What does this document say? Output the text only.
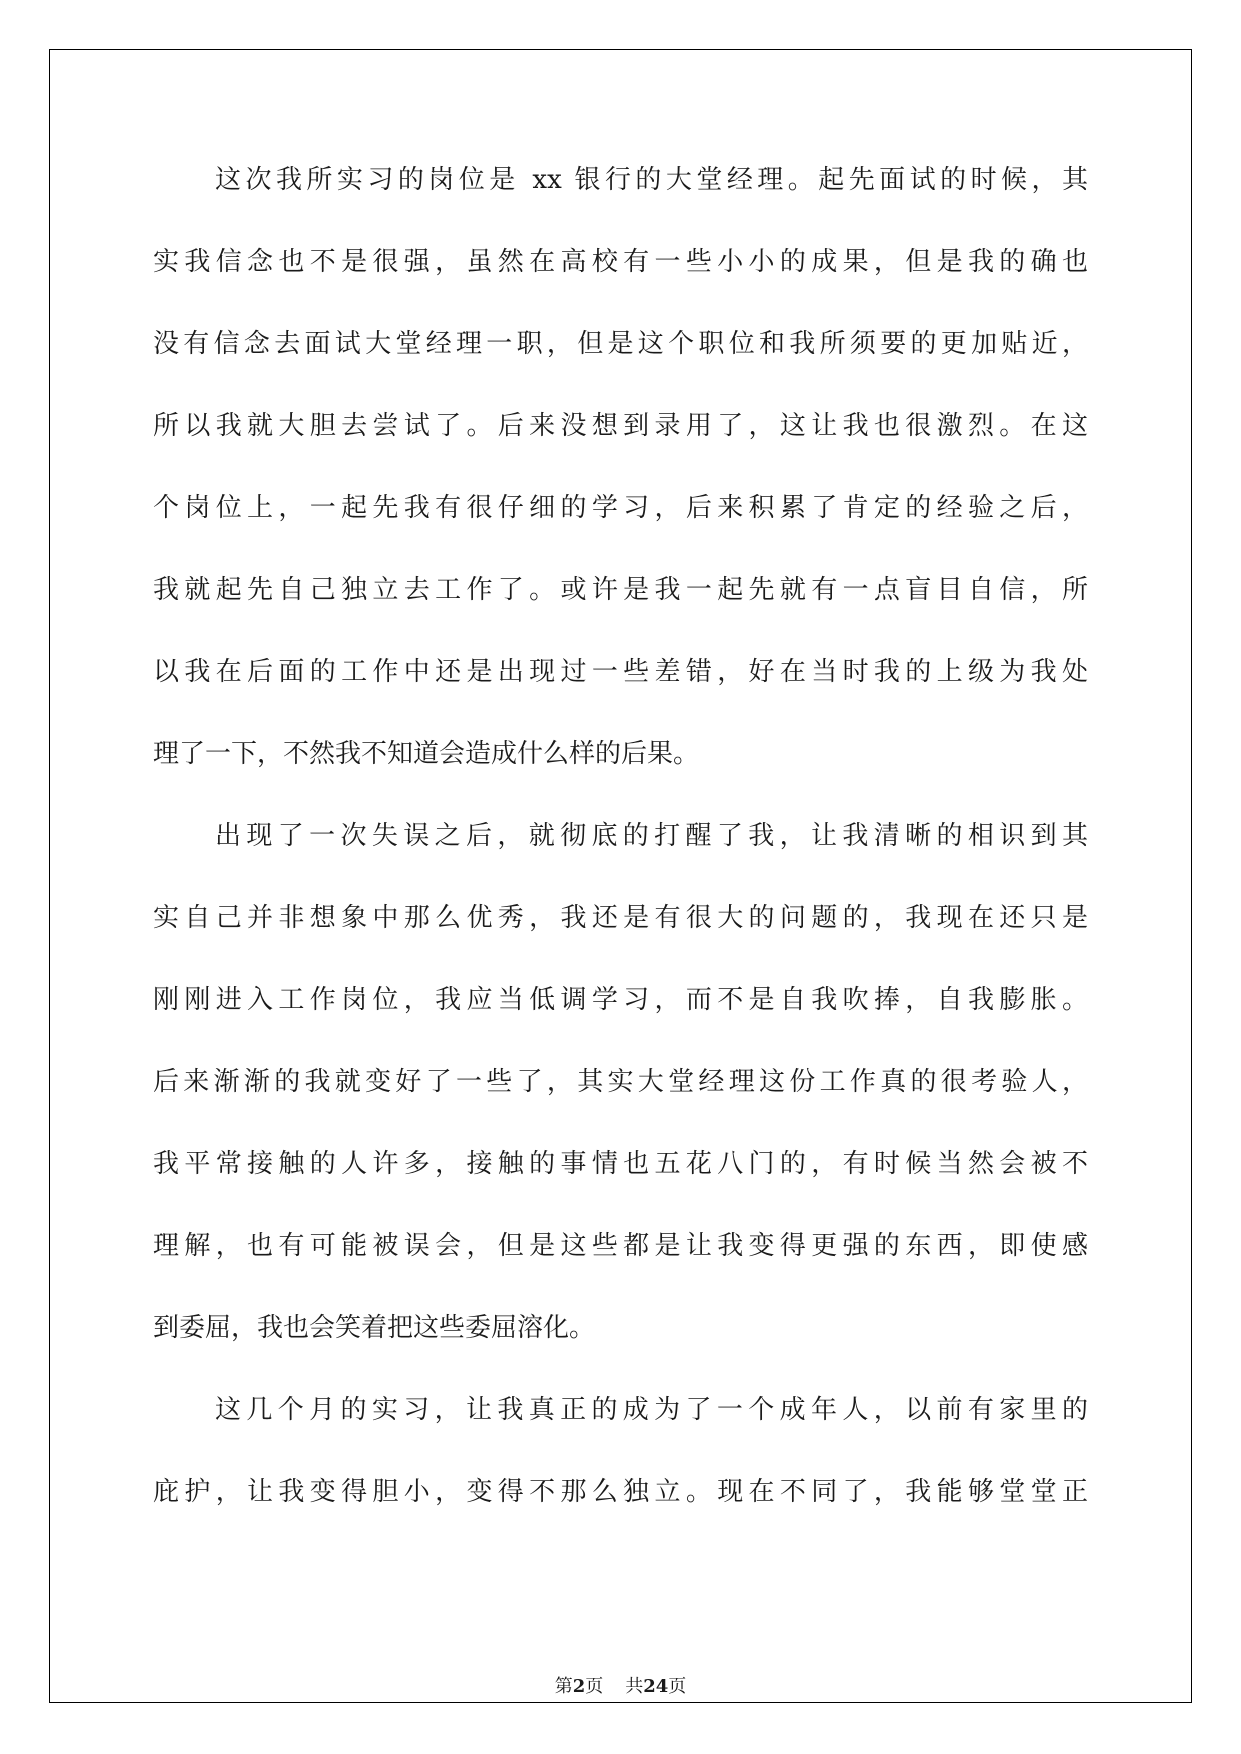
这次我所实习的岗位是 xx 银行的大堂经理。起先面试的时候，其
实我信念也不是很强，虽然在高校有一些小小的成果，但是我的确也
没有信念去面试大堂经理一职，但是这个职位和我所须要的更加贴近，
所以我就大胆去尝试了。后来没想到录用了，这让我也很激烈。在这
个岗位上，一起先我有很仔细的学习，后来积累了肯定的经验之后，
我就起先自己独立去工作了。或许是我一起先就有一点盲目自信，所
以我在后面的工作中还是出现过一些差错，好在当时我的上级为我处
理了一下，不然我不知道会造成什么样的后果。
出现了一次失误之后，就彻底的打醒了我，让我清晰的相识到其
实自己并非想象中那么优秀，我还是有很大的问题的，我现在还只是
刚刚进入工作岗位，我应当低调学习，而不是自我吹捧，自我膨胀。
后来渐渐的我就变好了一些了，其实大堂经理这份工作真的很考验人，
我平常接触的人许多，接触的事情也五花八门的，有时候当然会被不
理解，也有可能被误会，但是这些都是让我变得更强的东西，即使感
到委屈，我也会笑着把这些委屈溶化。
这几个月的实习，让我真正的成为了一个成年人，以前有家里的
庇护，让我变得胆小，变得不那么独立。现在不同了，我能够堂堂正
第2页 共24页
